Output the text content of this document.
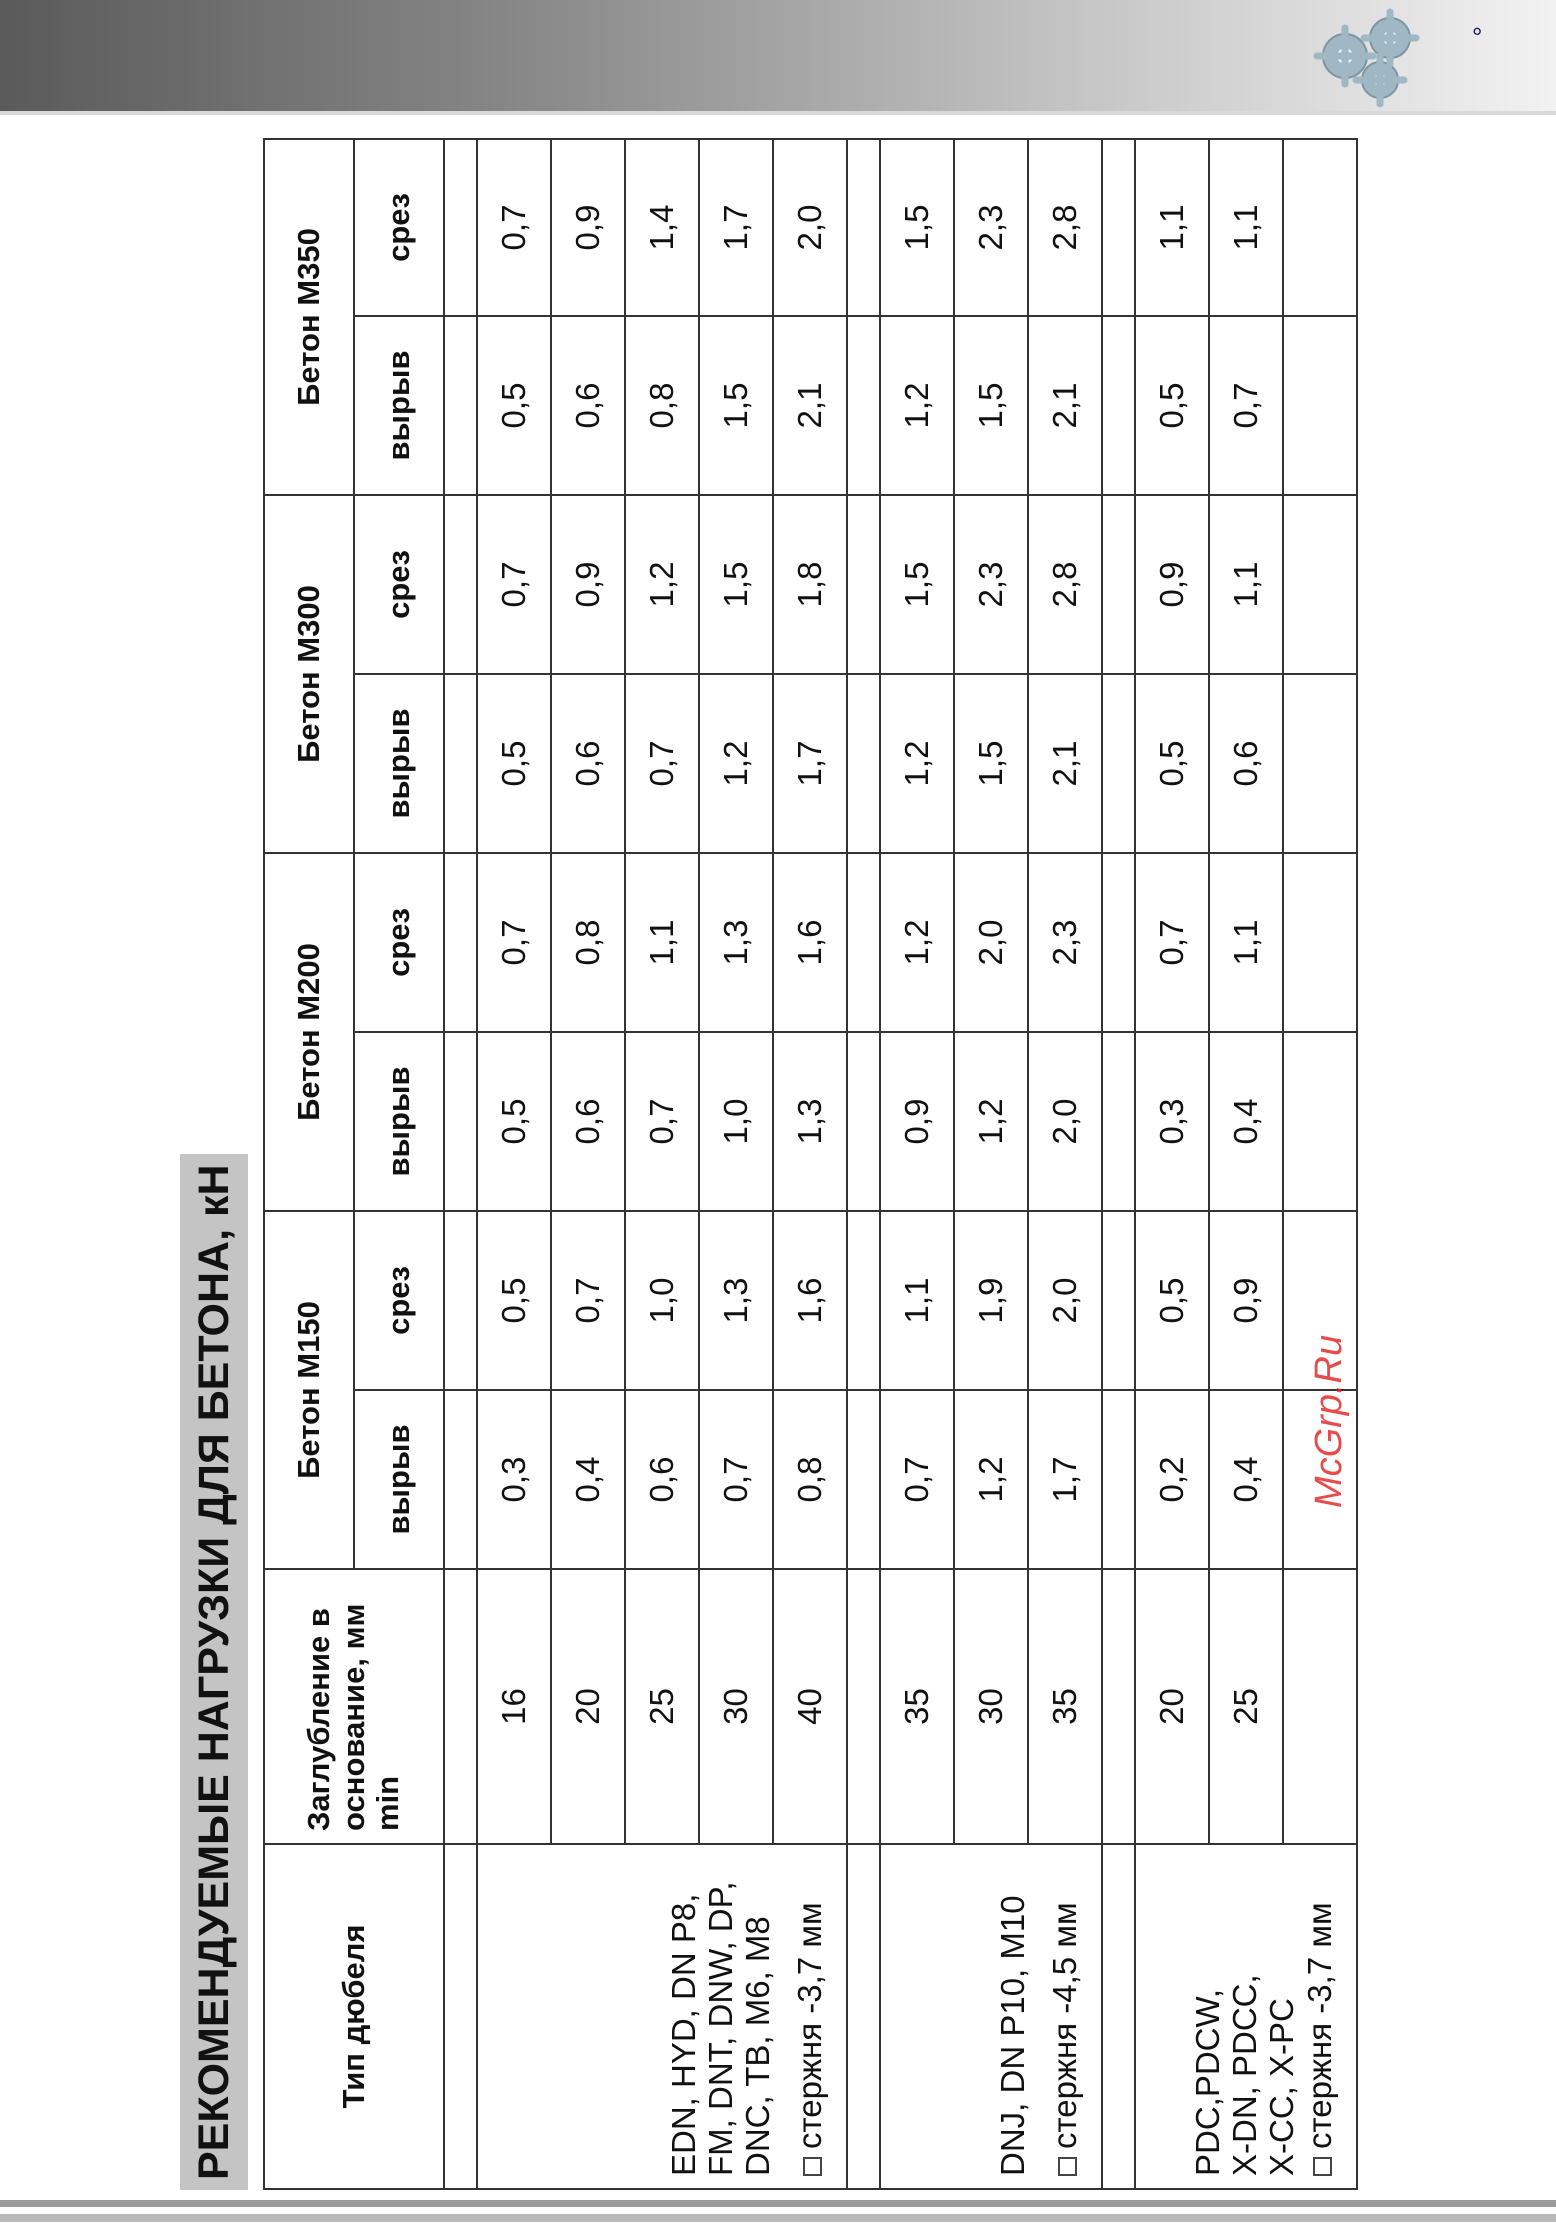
°
РЕКОМЕНДУЕМЫЕ НАГРУЗКИ ДЛЯ БЕТОНА, кН	Тип дюбеля	Заглубление в основание, мм min	Бетон М150		Бетон М200		Бетон М300		Бетон М350	
		вырыв	срез	вырыв	срез	вырыв	срез	вырыв	срез

EDN, HYD, DN P8, FM, DNT, DNW, DP, DNC, TB, M6, M8 стержня -3,7 мм	16	0,3	0,5	0,5	0,7	0,5	0,7	0,5	0,7
	20	0,4	0,7	0,6	0,8	0,6	0,9	0,6	0,9
	25	0,6	1,0	0,7	1,1	0,7	1,2	0,8	1,4
	30	0,7	1,3	1,0	1,3	1,2	1,5	1,5	1,7
	40	0,8	1,6	1,3	1,6	1,7	1,8	2,1	2,0

DNJ, DN P10, M10 стержня -4,5 мм	35	0,7	1,1	0,9	1,2	1,2	1,5	1,2	1,5
	30	1,2	1,9	1,2	2,0	1,5	2,3	1,5	2,3
	35	1,7	2,0	2,0	2,3	2,1	2,8	2,1	2,8

PDC,PDCW, X-DN, PDCC, X-CC, X-PC стержня -3,7 мм	20	0,2	0,5	0,3	0,7	0,5	0,9	0,5	1,1
	25	0,4	0,9	0,4	1,1	0,6	1,1	0,7	1,1

McGrp.Ru
